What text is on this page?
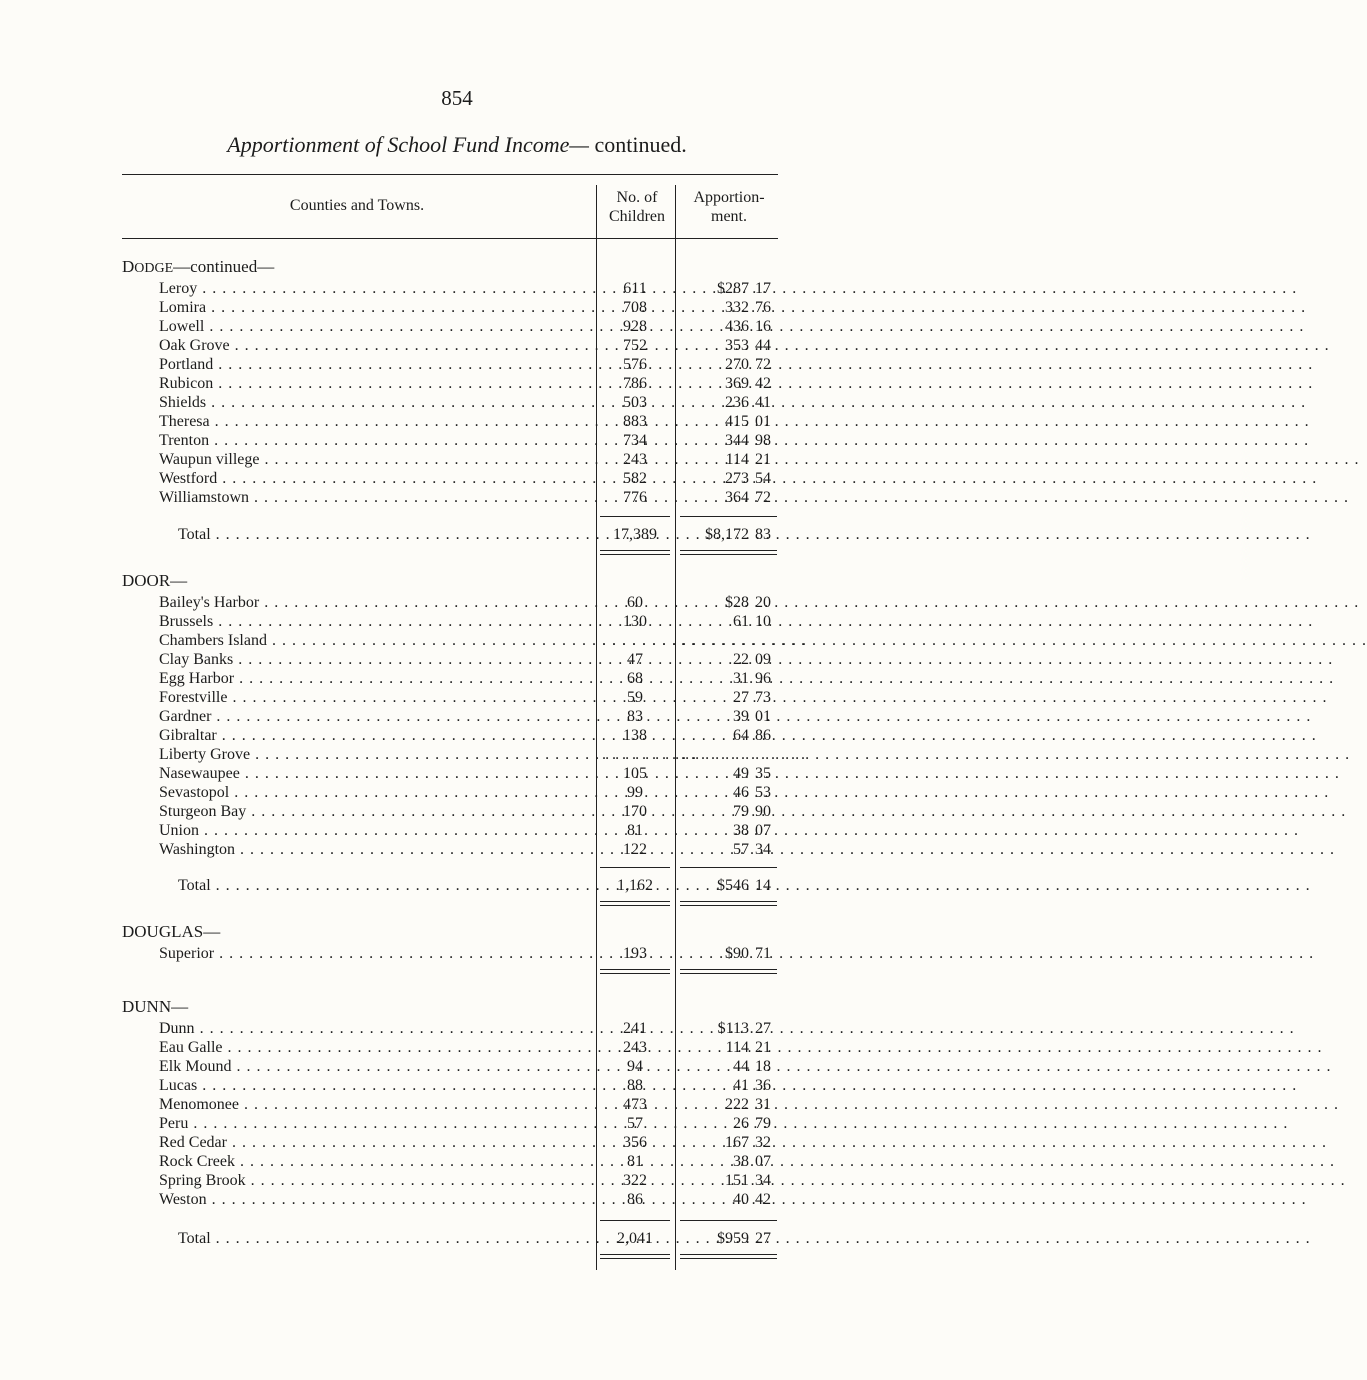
854
Apportionment of School Fund Income— continued.
Counties and Towns.	No. of
Children
Apportion-
ment.
DODGE—continued—
Leroy . . .	611	$287 17
Lomira . . .	708	332 76
Lowell . . .	928	436 16
Oak Grove . . .	752	353 44
Portland . . .	576	270 72
Rubicon . . .	786	369 42
Shields . . .	503	236 41
Theresa . . .	883	415 01
Trenton . . .	734	344 98
Waupun villege . . .	243	114 21
Westford . . .	582	273 54
Williamstown . . .	776	364 72
Total . . .	17,389	$8,172 83
DOOR—
Bailey's Harbor . . .	60	$28 20
Brussels . . .	130	61 10
Chambers Island . . .	. . . . . . . . . .
. . . . . . . . . . . . .
Clay Banks . . .	47	22 09
Egg Harbor . . .	68	31 96
Forestville . . .	59	27 73
Gardner . . .	83	39 01
Gibraltar . . .	138	64 86
Liberty Grove . . .	. . . . . . . . . .
. . . . . . . . . . . . .
Nasewaupee . . .	105	49 35
Sevastopol . . .	99	46 53
Sturgeon Bay . . .	170	79 90
Union . . .	81	38 07
Washington . . .	122	57 34
Total . . .	1,162	$546 14
DOUGLAS—
Superior . . .	193	$90 71
DUNN—
Dunn . . .	241	$113 27
Eau Galle . . .	243	114 21
Elk Mound . . .	94	44 18
Lucas . . .	88	41 36
Menomonee . . .	473	222 31
Peru . . .	57	26 79
Red Cedar . . .	356	167 32
Rock Creek . . .	81	38 07
Spring Brook . . .	322	151 34
Weston . . .	86	40 42
Total . . .	2,041	$959 27
